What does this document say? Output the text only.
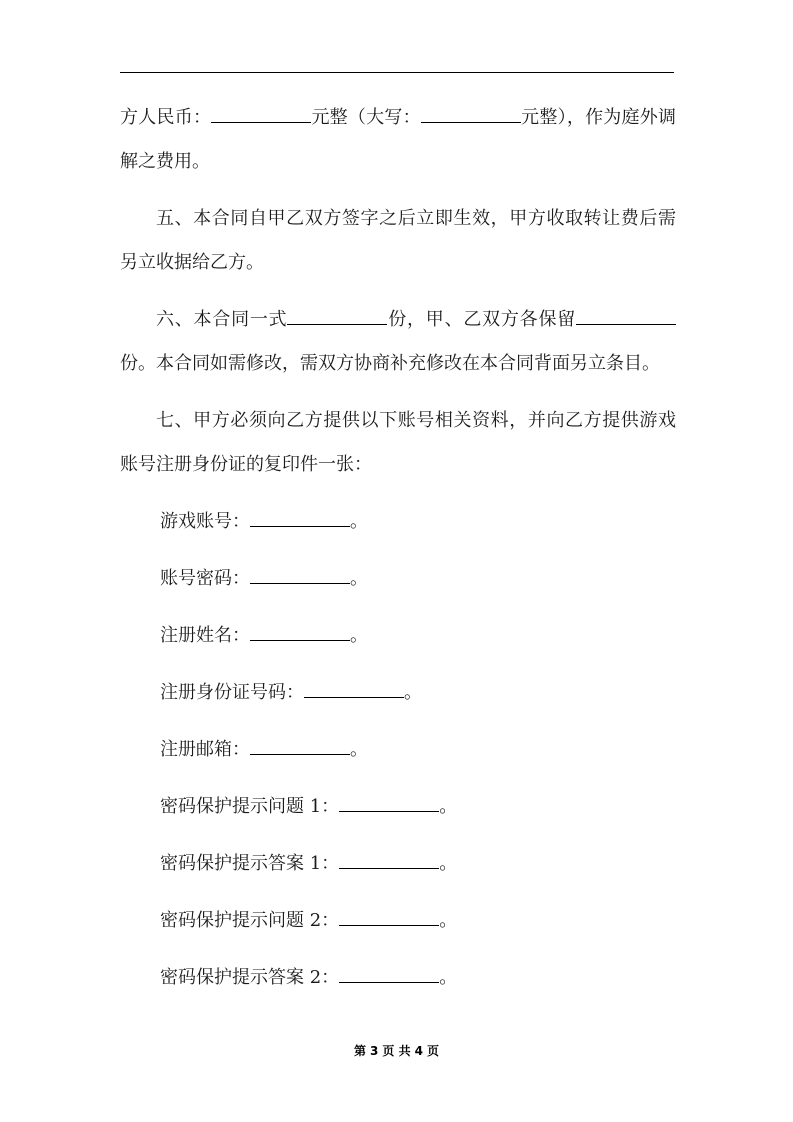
方人民币：	元整（大写：	元整），作为庭外调解之费用。

五、本合同自甲乙双方签字之后立即生效，甲方收取转让费后需另立收据给乙方。

六、本合同一式	份，甲、乙双方各保留份。本合同如需修改，需双方协商补充修改在本合同背面另立条目。

七、甲方必须向乙方提供以下账号相关资料，并向乙方提供游戏账号注册身份证的复印件一张：

游戏账号：	。
账号密码：	。
注册姓名：	。
注册身份证号码：	。
注册邮箱：	。
密码保护提示问题 1：	。
密码保护提示答案 1：	。
密码保护提示问题 2：	。
密码保护提示答案 2：	。
第 3 页 共 4 页
